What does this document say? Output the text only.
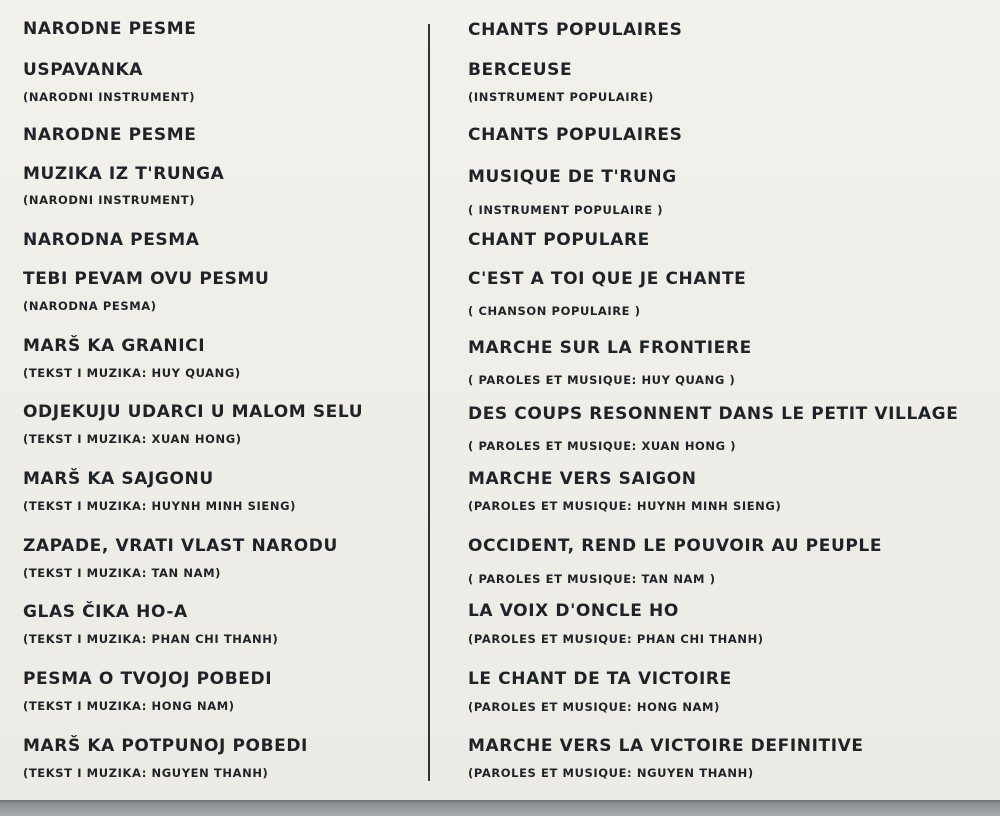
NARODNE PESME
USPAVANKA
(NARODNI INSTRUMENT)
NARODNE PESME
MUZIKA IZ T'RUNGA
(NARODNI INSTRUMENT)
NARODNA PESMA
TEBI PEVAM OVU PESMU
(NARODNA PESMA)
MARŠ KA GRANICI
(TEKST I MUZIKA: HUY QUANG)
ODJEKUJU UDARCI U MALOM SELU
(TEKST I MUZIKA: XUAN HONG)
MARŠ KA SAJGONU
(TEKST I MUZIKA: HUYNH MINH SIENG)
ZAPADE, VRATI VLAST NARODU
(TEKST I MUZIKA: TAN NAM)
GLAS ČIKA HO-A
(TEKST I MUZIKA: PHAN CHI THANH)
PESMA O TVOJOJ POBEDI
(TEKST I MUZIKA: HONG NAM)
MARŠ KA POTPUNOJ POBEDI
(TEKST I MUZIKA: NGUYEN THANH)
CHANTS POPULAIRES
BERCEUSE
(INSTRUMENT POPULAIRE)
CHANTS POPULAIRES
MUSIQUE DE T'RUNG
( INSTRUMENT POPULAIRE )
CHANT POPULARE
C'EST A TOI QUE JE CHANTE
( CHANSON POPULAIRE )
MARCHE SUR LA FRONTIERE
( PAROLES ET MUSIQUE: HUY QUANG )
DES COUPS RESONNENT DANS LE PETIT VILLAGE
( PAROLES ET MUSIQUE: XUAN HONG )
MARCHE VERS SAIGON
(PAROLES ET MUSIQUE: HUYNH MINH SIENG)
OCCIDENT, REND LE POUVOIR AU PEUPLE
( PAROLES ET MUSIQUE: TAN NAM )
LA VOIX D'ONCLE HO
(PAROLES ET MUSIQUE: PHAN CHI THANH)
LE CHANT DE TA VICTOIRE
(PAROLES ET MUSIQUE: HONG NAM)
MARCHE VERS LA VICTOIRE DEFINITIVE
(PAROLES ET MUSIQUE: NGUYEN THANH)
